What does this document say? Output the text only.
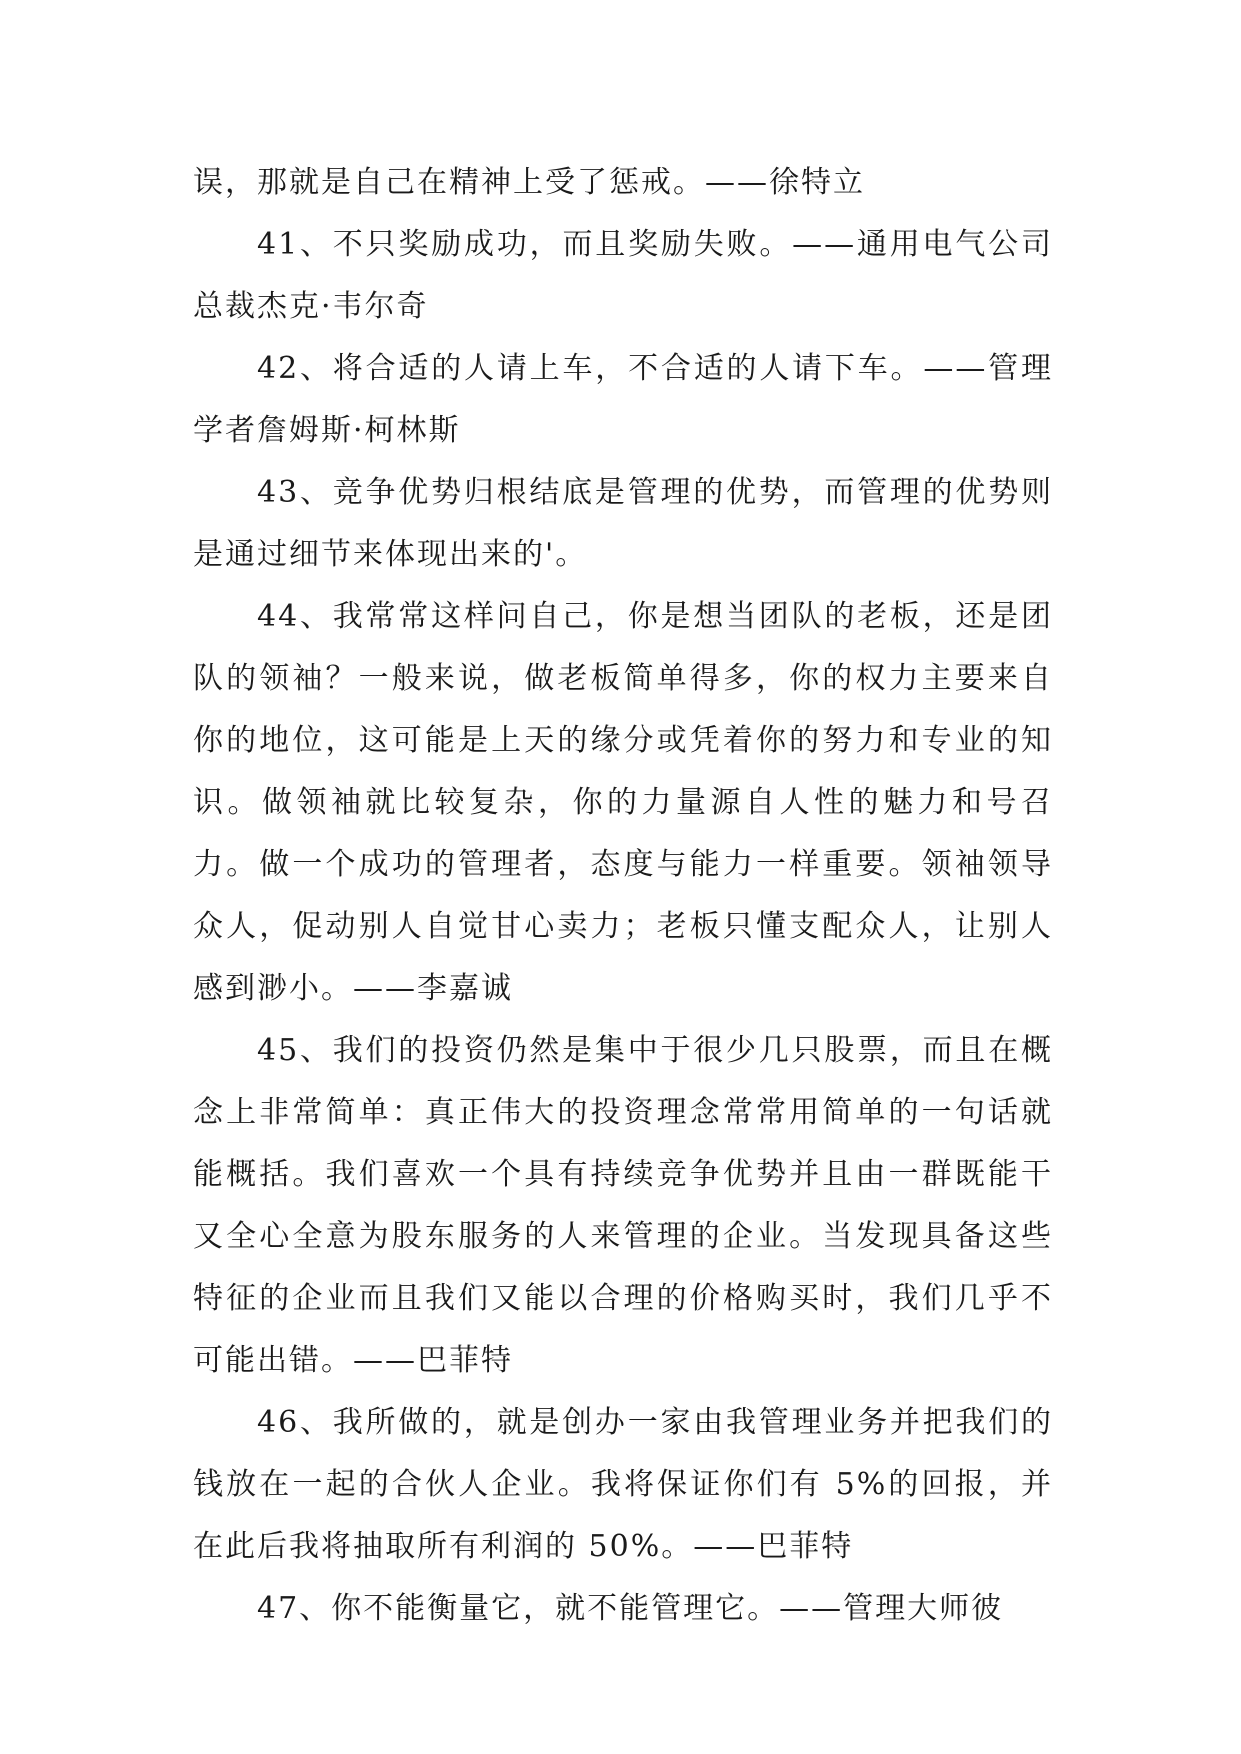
误，那就是自己在精神上受了惩戒。——徐特立

41、不只奖励成功，而且奖励失败。——通用电气公司总裁杰克·韦尔奇

42、将合适的人请上车，不合适的人请下车。——管理学者詹姆斯·柯林斯

43、竞争优势归根结底是管理的优势，而管理的优势则是通过细节来体现出来的'。

44、我常常这样问自己，你是想当团队的老板，还是团队的领袖？一般来说，做老板简单得多，你的权力主要来自你的地位，这可能是上天的缘分或凭着你的努力和专业的知识。做领袖就比较复杂，你的力量源自人性的魅力和号召力。做一个成功的管理者，态度与能力一样重要。领袖领导众人，促动别人自觉甘心卖力；老板只懂支配众人，让别人感到渺小。——李嘉诚

45、我们的投资仍然是集中于很少几只股票，而且在概念上非常简单：真正伟大的投资理念常常用简单的一句话就能概括。我们喜欢一个具有持续竞争优势并且由一群既能干又全心全意为股东服务的人来管理的企业。当发现具备这些特征的企业而且我们又能以合理的价格购买时，我们几乎不可能出错。——巴菲特

46、我所做的，就是创办一家由我管理业务并把我们的钱放在一起的合伙人企业。我将保证你们有 5%的回报，并在此后我将抽取所有利润的 50%。——巴菲特

47、你不能衡量它，就不能管理它。——管理大师彼
